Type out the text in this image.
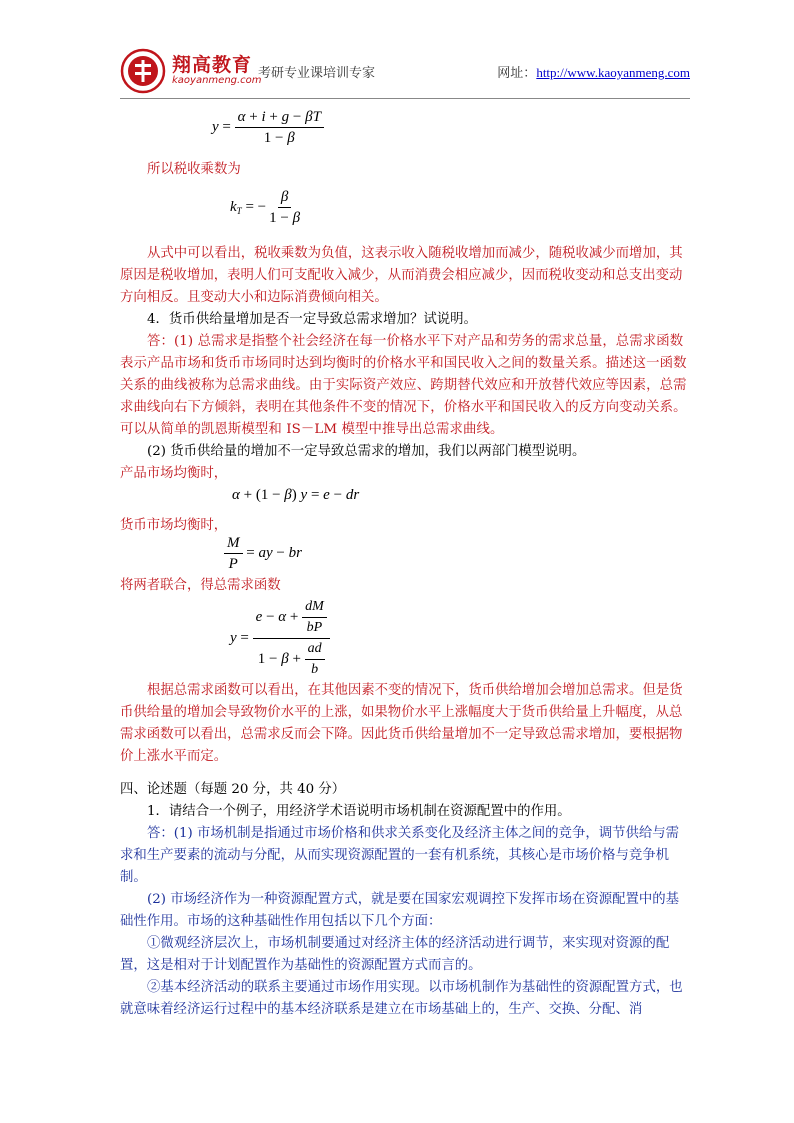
翔高教育
kaoyanmeng.com
考研专业课培训专家	网址：http://www.kaoyanmeng.com
$y = \frac{\alpha + i + g - \beta T}{1 - \beta}$
所以税收乘数为
$k_T$ = − $\frac{\beta}{1 - \beta}$
从式中可以看出，税收乘数为负值，这表示收入随税收增加而减少，随税收减少而增加，其原因是税收增加，表明人们可支配收入减少，从而消费会相应减少，因而税收变动和总支出变动方向相反。且变动大小和边际消费倾向相关。
4．货币供给量增加是否一定导致总需求增加？试说明。
答：(1) 总需求是指整个社会经济在每一价格水平下对产品和劳务的需求总量，总需求函数表示产品市场和货币市场同时达到均衡时的价格水平和国民收入之间的数量关系。描述这一函数关系的曲线被称为总需求曲线。由于实际资产效应、跨期替代效应和开放替代效应等因素，总需求曲线向右下方倾斜，表明在其他条件不变的情况下，价格水平和国民收入的反方向变动关系。可以从简单的凯恩斯模型和 IS－LM 模型中推导出总需求曲线。
(2) 货币供给量的增加不一定导致总需求的增加，我们以两部门模型说明。
产品市场均衡时，
α + (1 − β) y = e − dr
货币市场均衡时，
$\frac{M}{P}$ = ay − br
将两者联合，得总需求函数
$y = \frac{e - \alpha + \frac{dM}{bP}}{1 - \beta + \frac{ad}{b}}$
根据总需求函数可以看出，在其他因素不变的情况下，货币供给增加会增加总需求。但是货币供给量的增加会导致物价水平的上涨，如果物价水平上涨幅度大于货币供给量上升幅度，从总需求函数可以看出，总需求反而会下降。因此货币供给量增加不一定导致总需求增加，要根据物价上涨水平而定。
四、论述题（每题 20 分，共 40 分）
1．请结合一个例子，用经济学术语说明市场机制在资源配置中的作用。
答：(1) 市场机制是指通过市场价格和供求关系变化及经济主体之间的竞争，调节供给与需求和生产要素的流动与分配，从而实现资源配置的一套有机系统，其核心是市场价格与竞争机制。
(2) 市场经济作为一种资源配置方式，就是要在国家宏观调控下发挥市场在资源配置中的基础性作用。市场的这种基础性作用包括以下几个方面：
①微观经济层次上，市场机制要通过对经济主体的经济活动进行调节，来实现对资源的配置，这是相对于计划配置作为基础性的资源配置方式而言的。
②基本经济活动的联系主要通过市场作用实现。以市场机制作为基础性的资源配置方式，也就意味着经济运行过程中的基本经济联系是建立在市场基础上的，生产、交换、分配、消
